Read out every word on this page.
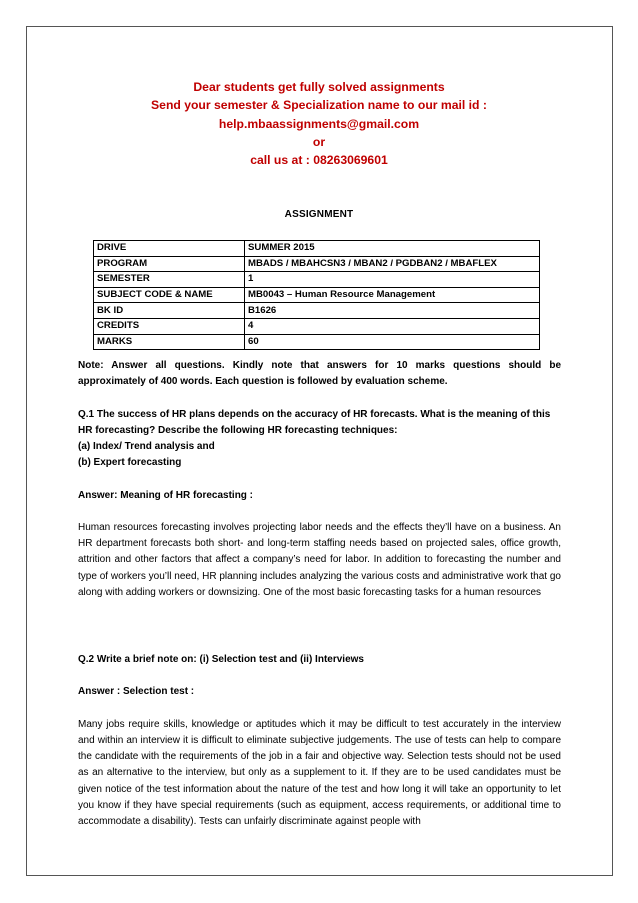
Dear students get fully solved assignments
Send your semester & Specialization name to our mail id :
help.mbaassignments@gmail.com
or
call us at : 08263069601
ASSIGNMENT
DRIVE	SUMMER 2015
PROGRAM	MBADS / MBAHCSN3 / MBAN2 / PGDBAN2 / MBAFLEX
SEMESTER	1
SUBJECT CODE & NAME	MB0043 – Human Resource Management
BK ID	B1626
CREDITS	4
MARKS	60

Note: Answer all questions. Kindly note that answers for 10 marks questions should be approximately of 400 words. Each question is followed by evaluation scheme.

Q.1 The success of HR plans depends on the accuracy of HR forecasts. What is the meaning of this HR forecasting? Describe the following HR forecasting techniques:

(a) Index/ Trend analysis and

(b) Expert forecasting

Answer: Meaning of HR forecasting :

Human resources forecasting involves projecting labor needs and the effects they’ll have on a business. An HR department forecasts both short- and long-term staffing needs based on projected sales, office growth, attrition and other factors that affect a company’s need for labor. In addition to forecasting the number and type of workers you’ll need, HR planning includes analyzing the various costs and administrative work that go along with adding workers or downsizing. One of the most basic forecasting tasks for a human resources

Q.2 Write a brief note on: (i) Selection test and (ii) Interviews

Answer : Selection test :

Many jobs require skills, knowledge or aptitudes which it may be difficult to test accurately in the interview and within an interview it is difficult to eliminate subjective judgements. The use of tests can help to compare the candidate with the requirements of the job in a fair and objective way. Selection tests should not be used as an alternative to the interview, but only as a supplement to it. If they are to be used candidates must be given notice of the test information about the nature of the test and how long it will take an opportunity to let you know if they have special requirements (such as equipment, access requirements, or additional time to accommodate a disability). Tests can unfairly discriminate against people with
